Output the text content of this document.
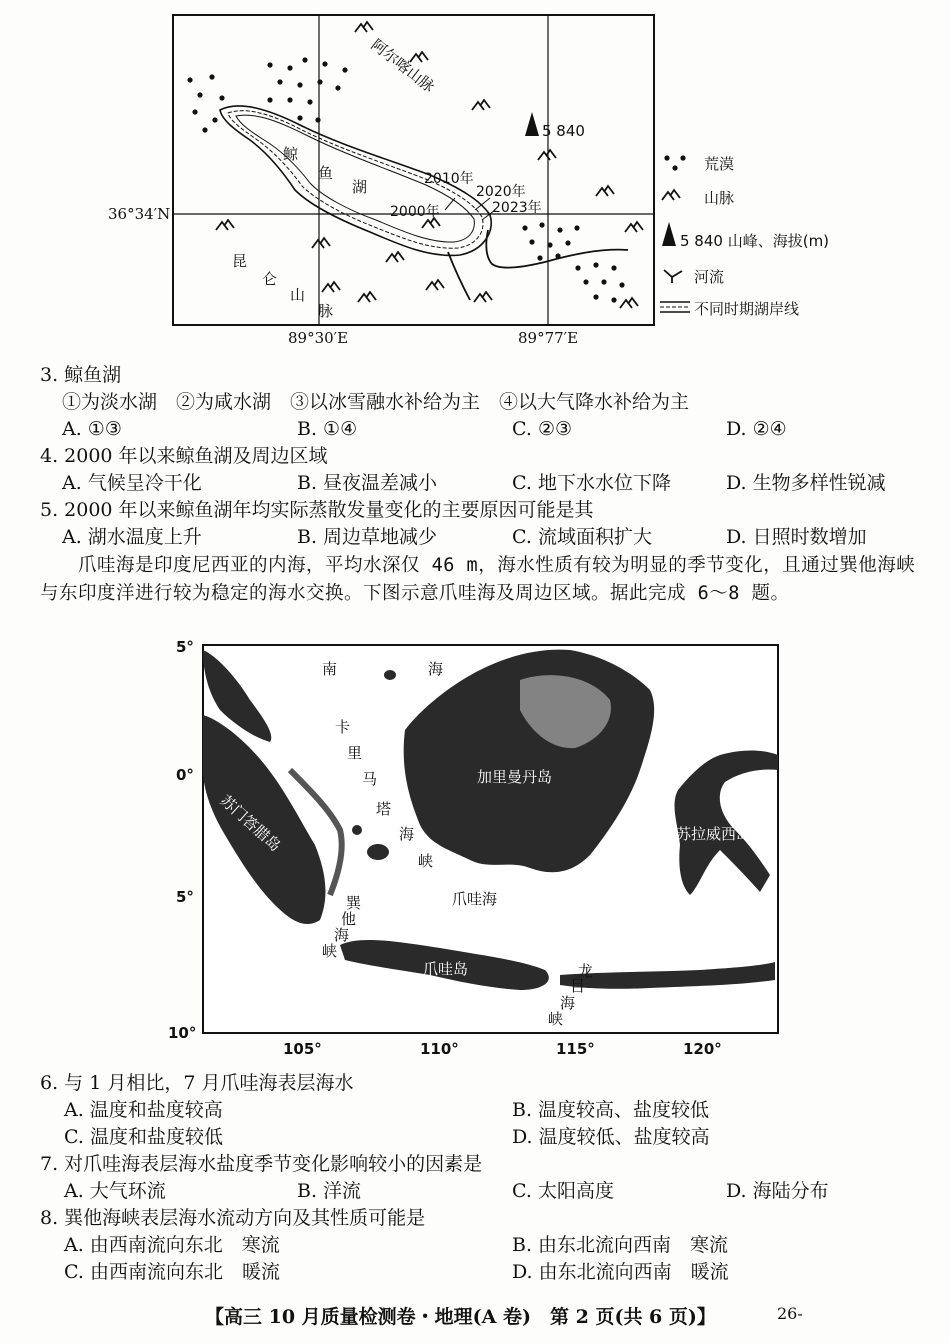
36°34′N
89°30′E	89°77′E
阿尔喀山脉
昆
仑
山
脉
鲸
鱼
湖
5 840
2010年
2020年
2023年
2000年
荒漠
山脉
5 840 山峰、海拔(m)
河流
不同时期湖岸线
3. 鲸鱼湖
①为淡水湖　②为咸水湖　③以冰雪融水补给为主　④以大气降水补给为主
A. ①③	B. ①④	C. ②③	D. ②④
4. 2000 年以来鲸鱼湖及周边区域
A. 气候呈冷干化	B. 昼夜温差减小	C. 地下水水位下降	D. 生物多样性锐减
5. 2000 年以来鲸鱼湖年均实际蒸散发量变化的主要原因可能是其
A. 湖水温度上升	B. 周边草地减少	C. 流域面积扩大	D. 日照时数增加
　　爪哇海是印度尼西亚的内海，平均水深仅 46 m，海水性质有较为明显的季节变化，且通过巽他海峡与东印度洋进行较为稳定的海水交换。下图示意爪哇海及周边区域。据此完成 6～8 题。
5°
0°
5°
10°
105°	110°	115°	120°
南	海
卡
里
马
塔
海
峡
加里曼丹岛
苏门答腊岛	苏拉威西岛
爪哇海
巽
他
海
峡
爪哇岛	龙
目
海
峡
6. 与 1 月相比，7 月爪哇海表层海水
A. 温度和盐度较高	B. 温度较高、盐度较低
C. 温度和盐度较低	D. 温度较低、盐度较高
7. 对爪哇海表层海水盐度季节变化影响较小的因素是
A. 大气环流	B. 洋流	C. 太阳高度	D. 海陆分布
8. 巽他海峡表层海水流动方向及其性质可能是
A. 由西南流向东北　寒流	B. 由东北流向西南　寒流
C. 由西南流向东北　暖流	D. 由东北流向西南　暖流
【高三 10 月质量检测卷・地理(A 卷)　第 2 页(共 6 页)】	26-
